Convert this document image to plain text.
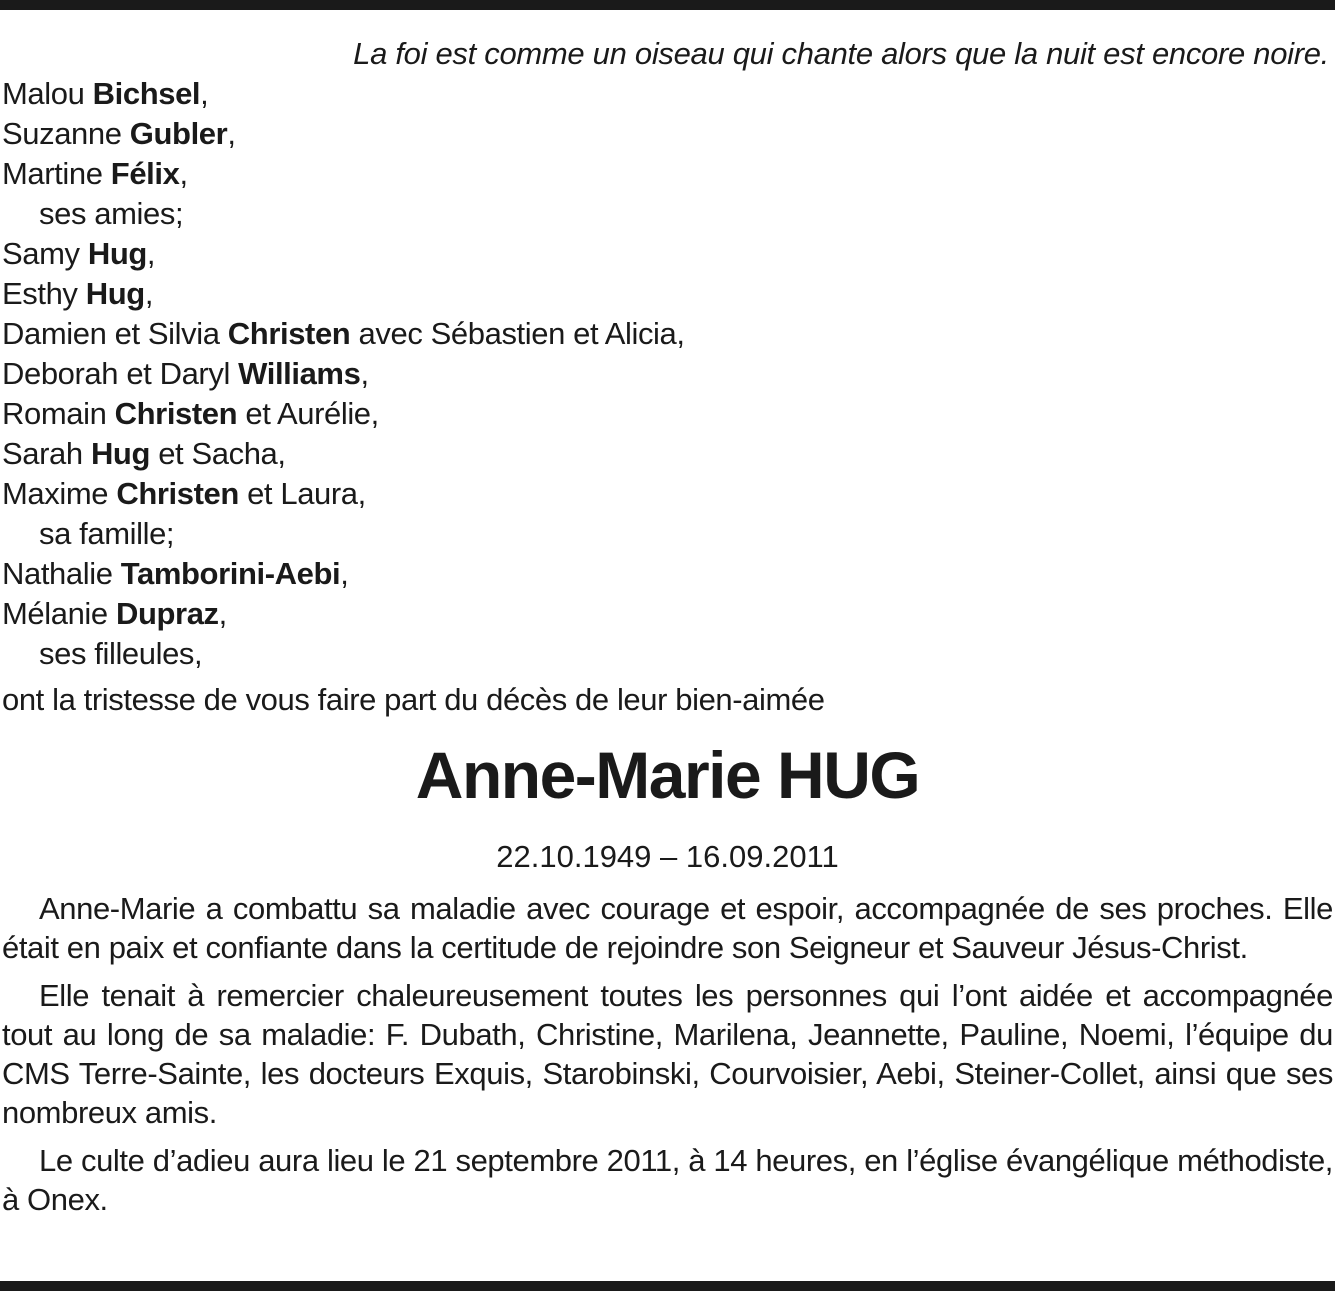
La foi est comme un oiseau qui chante alors que la nuit est encore noire.
Malou Bichsel,
Suzanne Gubler,
Martine Félix,
ses amies;
Samy Hug,
Esthy Hug,
Damien et Silvia Christen avec Sébastien et Alicia,
Deborah et Daryl Williams,
Romain Christen et Aurélie,
Sarah Hug et Sacha,
Maxime Christen et Laura,
sa famille;
Nathalie Tamborini-Aebi,
Mélanie Dupraz,
ses filleules,
ont la tristesse de vous faire part du décès de leur bien-aimée
Anne-Marie HUG
22.10.1949 – 16.09.2011

Anne-Marie a combattu sa maladie avec courage et espoir, accompagnée de ses proches. Elle était en paix et confiante dans la certitude de rejoindre son Seigneur et Sauveur Jésus-Christ.

Elle tenait à remercier chaleureusement toutes les personnes qui l’ont aidée et accompagnée tout au long de sa maladie: F. Dubath, Christine, Marilena, Jeannette, Pauline, Noemi, l’équipe du CMS Terre-Sainte, les docteurs Exquis, Starobinski, Courvoisier, Aebi, Steiner-Collet, ainsi que ses nombreux amis.

Le culte d’adieu aura lieu le 21 septembre 2011, à 14 heures, en l’église évangélique méthodiste, à Onex.
